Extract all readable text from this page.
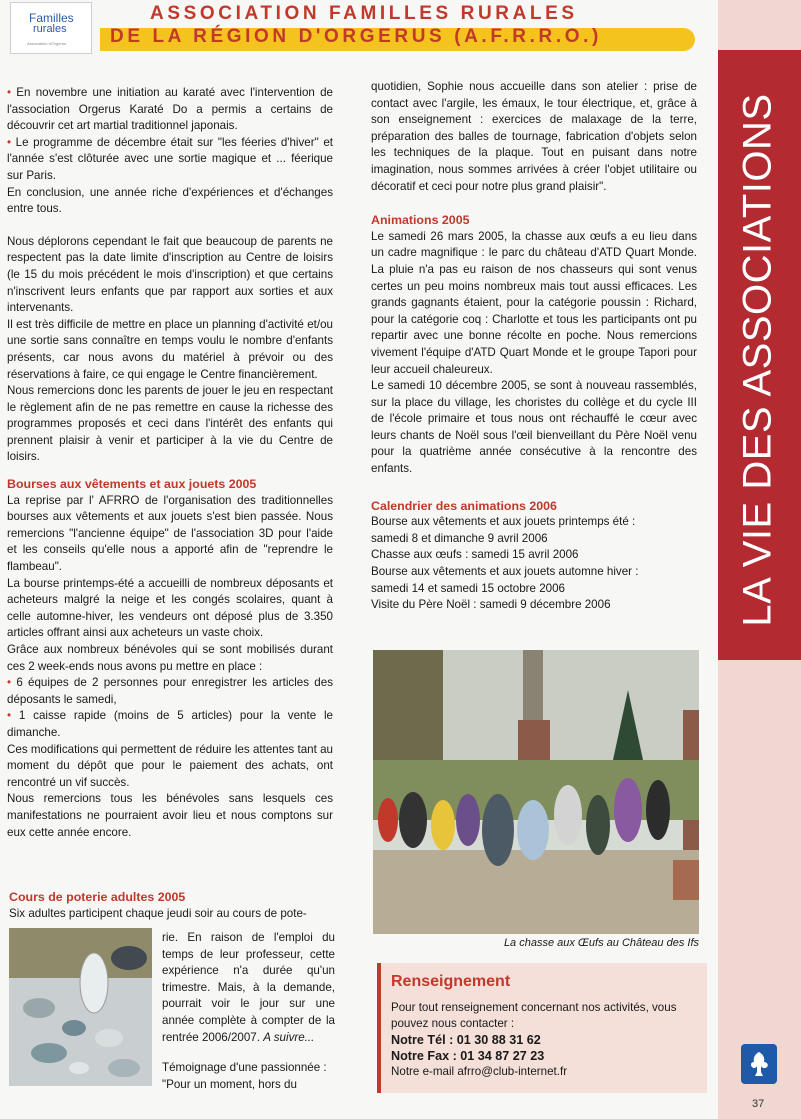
LA VIE DES ASSOCIATIONS
37
Familles
rurales
Association d'Orgerus
ASSOCIATION FAMILLES RURALES
DE LA RÉGION D'ORGERUS (A.F.R.R.O.)

• En novembre une initiation au karaté avec l'intervention de l'association Orgerus Karaté Do a permis a certains de découvrir cet art martial traditionnel japonais.

• Le programme de décembre était sur "les féeries d'hiver" et l'année s'est clôturée avec une sortie magique et ... féerique sur Paris.

En conclusion, une année riche d'expériences et d'échanges entre tous.

Nous déplorons cependant le fait que beaucoup de parents ne respectent pas la date limite d'inscription au Centre de loisirs (le 15 du mois précédent le mois d'inscription) et que certains n'inscrivent leurs enfants que par rapport aux sorties et aux intervenants.

Il est très difficile de mettre en place un planning d'activité et/ou une sortie sans connaître en temps voulu le nombre d'enfants présents, car nous avons du matériel à prévoir ou des réservations à faire, ce qui engage le Centre financièrement.

Nous remercions donc les parents de jouer le jeu en respectant le règlement afin de ne pas remettre en cause la richesse des programmes proposés et ceci dans l'intérêt des enfants qui prennent plaisir à venir et participer à la vie du Centre de loisirs.

Bourses aux vêtements et aux jouets 2005

La reprise par l' AFRRO de l'organisation des traditionnelles bourses aux vêtements et aux jouets s'est bien passée. Nous remercions "l'ancienne équipe" de l'association 3D pour l'aide et les conseils qu'elle nous a apporté afin de "reprendre le flambeau".

La bourse printemps-été a accueilli de nombreux déposants et acheteurs malgré la neige et les congés scolaires, quant à celle automne-hiver, les vendeurs ont déposé plus de 3.350 articles offrant ainsi aux acheteurs un vaste choix.

Grâce aux nombreux bénévoles qui se sont mobilisés durant ces 2 week-ends nous avons pu mettre en place :

• 6 équipes de 2 personnes pour enregistrer les articles des déposants le samedi,

• 1 caisse rapide (moins de 5 articles) pour la vente le dimanche.

Ces modifications qui permettent de réduire les attentes tant au moment du dépôt que pour le paiement des achats, ont rencontré un vif succès.

Nous remercions tous les bénévoles sans lesquels ces manifestations ne pourraient avoir lieu et nous comptons sur eux cette année encore.

Cours de poterie adultes 2005

Six adultes participent chaque jeudi soir au cours de pote-

rie. En raison de l'emploi du temps de leur professeur, cette expérience n'a durée qu'un trimestre. Mais, à la demande, pourrait voir le jour sur une année complète à compter de la rentrée 2006/2007. A suivre...

Témoignage d'une passionnée : "Pour un moment, hors du

quotidien, Sophie nous accueille dans son atelier : prise de contact avec l'argile, les émaux, le tour électrique, et, grâce à son enseignement : exercices de malaxage de la terre, préparation des balles de tournage, fabrication d'objets selon les techniques de la plaque. Tout en puisant dans notre imagination, nous sommes arrivées à créer l'objet utilitaire ou décoratif et ceci pour notre plus grand plaisir".

Animations 2005

Le samedi 26 mars 2005, la chasse aux œufs a eu lieu dans un cadre magnifique : le parc du château d'ATD Quart Monde. La pluie n'a pas eu raison de nos chasseurs qui sont venus certes un peu moins nombreux mais tout aussi efficaces. Les grands gagnants étaient, pour la catégorie poussin : Richard, pour la catégorie coq : Charlotte et tous les participants ont pu repartir avec une bonne récolte en poche. Nous remercions vivement l'équipe d'ATD Quart Monde et le groupe Tapori pour leur accueil chaleureux.

Le samedi 10 décembre 2005, se sont à nouveau rassemblés, sur la place du village, les choristes du collège et du cycle III de l'école primaire et tous nous ont réchauffé le cœur avec leurs chants de Noël sous l'œil bienveillant du Père Noël venu pour la quatrième année consécutive à la rencontre des enfants.

Calendrier des animations 2006

Bourse aux vêtements et aux jouets printemps été :

samedi 8 et dimanche 9 avril 2006

Chasse aux œufs : samedi 15 avril 2006

Bourse aux vêtements et aux jouets automne hiver :

samedi 14 et samedi 15 octobre 2006

Visite du Père Noël : samedi 9 décembre 2006

La chasse aux Œufs au Château des Ifs
Renseignement

Pour tout renseignement concernant nos activités, vous pouvez nous contacter :

Notre Tél : 01 30 88 31 62

Notre Fax : 01 34 87 27 23

Notre e-mail afrro@club-internet.fr
